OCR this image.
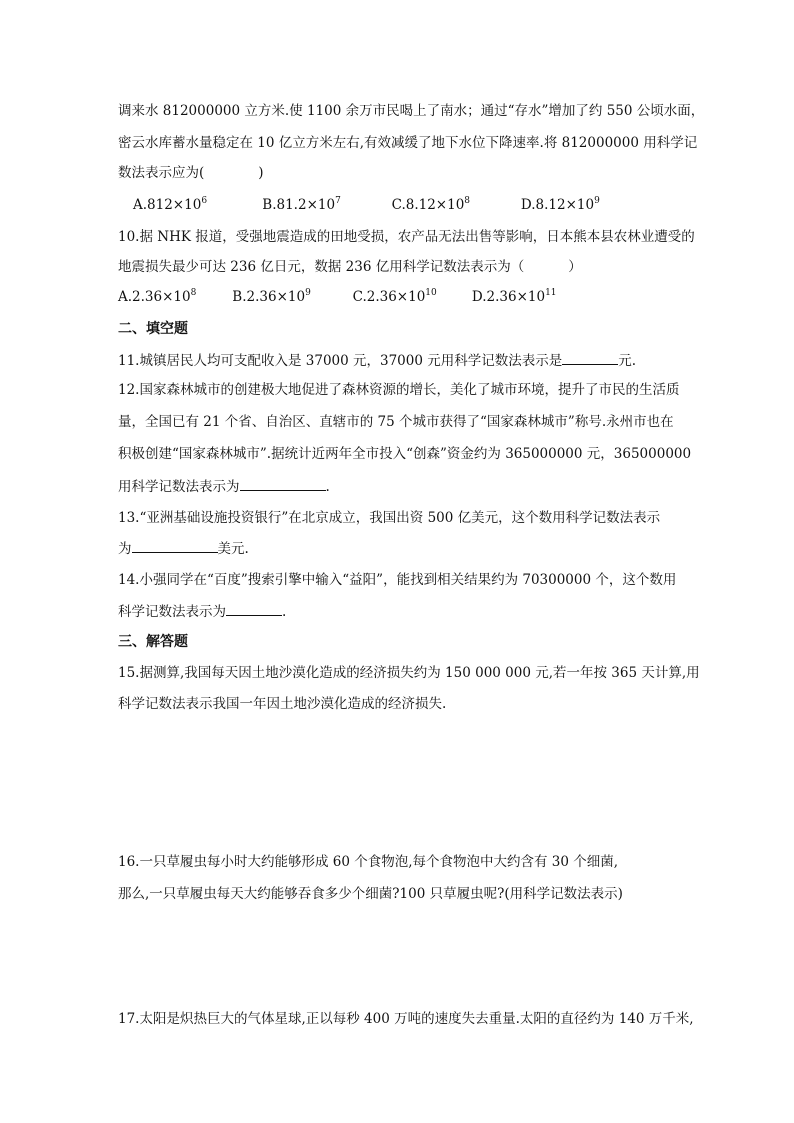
调来水 812000000 立方米.使 1100 余万市民喝上了南水；通过“存水”增加了约 550 公顷水面，
密云水库蓄水量稳定在 10 亿立方米左右,有效减缓了地下水位下降速率.将 812000000 用科学记
数法表示应为(	)
$A.812\times 10^6$	$B.81.2\times 10^7$	$C.8.12\times 10^8$	$D.8.12\times 10^9$
10.据 NHK 报道，受强地震造成的田地受损，农产品无法出售等影响，日本熊本县农林业遭受的
地震损失最少可达 236 亿日元，数据 236 亿用科学记数法表示为（	）
$A.2.36\times 10^8$	$B.2.36\times 10^9$	$C.2.36\times 10^{10}$	$D.2.36\times 10^{11}$
二、填空题
11.城镇居民人均可支配收入是 37000 元，37000 元用科学记数法表示是	元.
12.国家森林城市的创建极大地促进了森林资源的增长，美化了城市环境，提升了市民的生活质
量，全国已有 21 个省、自治区、直辖市的 75 个城市获得了“国家森林城市”称号.永州市也在
积极创建“国家森林城市”.据统计近两年全市投入“创森”资金约为 365000000 元，365000000
用科学记数法表示为	.
13.“亚洲基础设施投资银行”在北京成立，我国出资 500 亿美元，这个数用科学记数法表示
为	美元.
14.小强同学在“百度”搜索引擎中输入“益阳”，能找到相关结果约为 70300000 个，这个数用
科学记数法表示为	.
三、解答题
15.据测算,我国每天因土地沙漠化造成的经济损失约为 150 000 000 元,若一年按 365 天计算,用
科学记数法表示我国一年因土地沙漠化造成的经济损失.
16.一只草履虫每小时大约能够形成 60 个食物泡,每个食物泡中大约含有 30 个细菌,
那么,一只草履虫每天大约能够吞食多少个细菌?100 只草履虫呢?(用科学记数法表示)
17.太阳是炽热巨大的气体星球,正以每秒 400 万吨的速度失去重量.太阳的直径约为 140 万千米,
